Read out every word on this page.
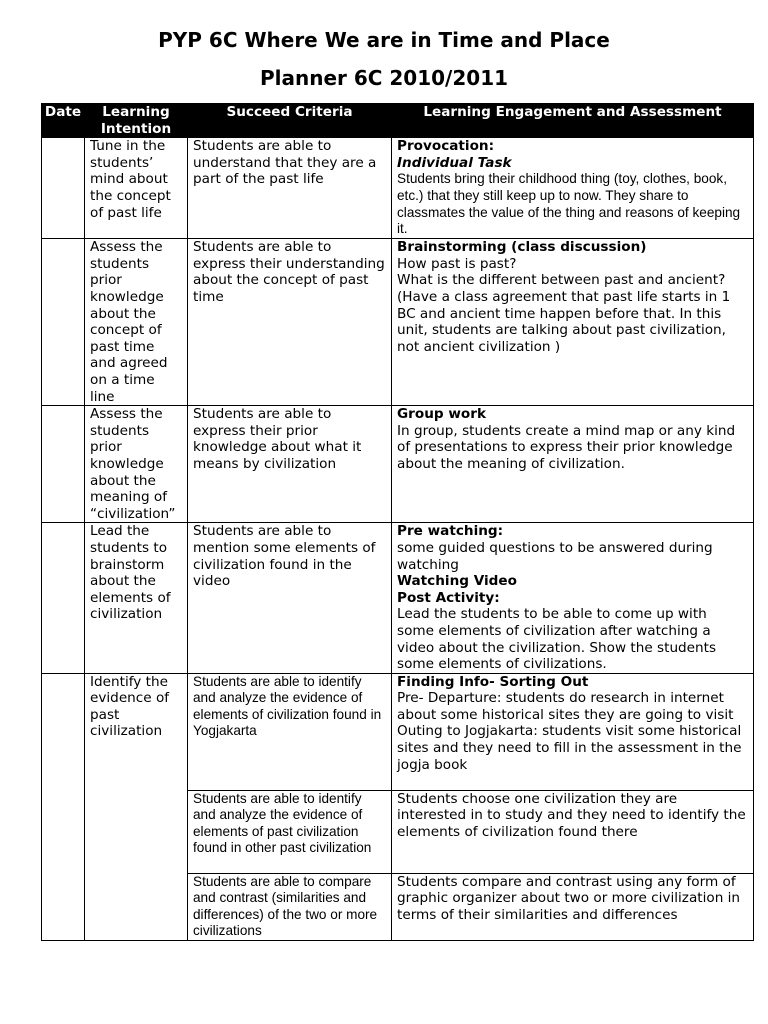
PYP 6C Where We are in Time and Place
Planner 6C 2010/2011
Date	Learning Intention	Succeed Criteria	Learning Engagement and Assessment
	Tune in the students’ mind about the concept of past life	Students are able to understand that they are a part of the past life	Provocation:
Individual Task
Students bring their childhood thing (toy, clothes, book, etc.) that they still keep up to now. They share to classmates the value of the thing and reasons of keeping it.

	Assess the students prior knowledge about the concept of past time and agreed on a time line	Students are able to express their understanding about the concept of past time	Brainstorming (class discussion)
How past is past?
What is the different between past and ancient?
(Have a class agreement that past life starts in 1 BC and ancient time happen before that. In this unit, students are talking about past civilization, not ancient civilization )

	Assess the students prior knowledge about the meaning of “civilization”	Students are able to express their prior knowledge about what it means by civilization	Group work
In group, students create a mind map or any kind of presentations to express their prior knowledge about the meaning of civilization.

	Lead the students to brainstorm about the elements of civilization	Students are able to mention some elements of civilization found in the video	Pre watching:
some guided questions to be answered during watching
Watching Video
Post Activity:
Lead the students to be able to come up with some elements of civilization after watching a video about the civilization. Show the students some elements of civilizations.

	Identify the evidence of past civilization	Students are able to identify and analyze the evidence of elements of civilization found in Yogjakarta	Finding Info- Sorting Out
Pre- Departure: students do research in internet about some historical sites they are going to visit
Outing to Jogjakarta: students visit some historical sites and they need to fill in the assessment in the jogja book

		Students are able to identify and analyze the evidence of elements of past civilization found in other past civilization	Students choose one civilization they are interested in to study and they need to identify the elements of civilization found there

		Students are able to compare and contrast (similarities and differences) of the two or more civilizations	Students compare and contrast using any form of graphic organizer about two or more civilization in terms of their similarities and differences
